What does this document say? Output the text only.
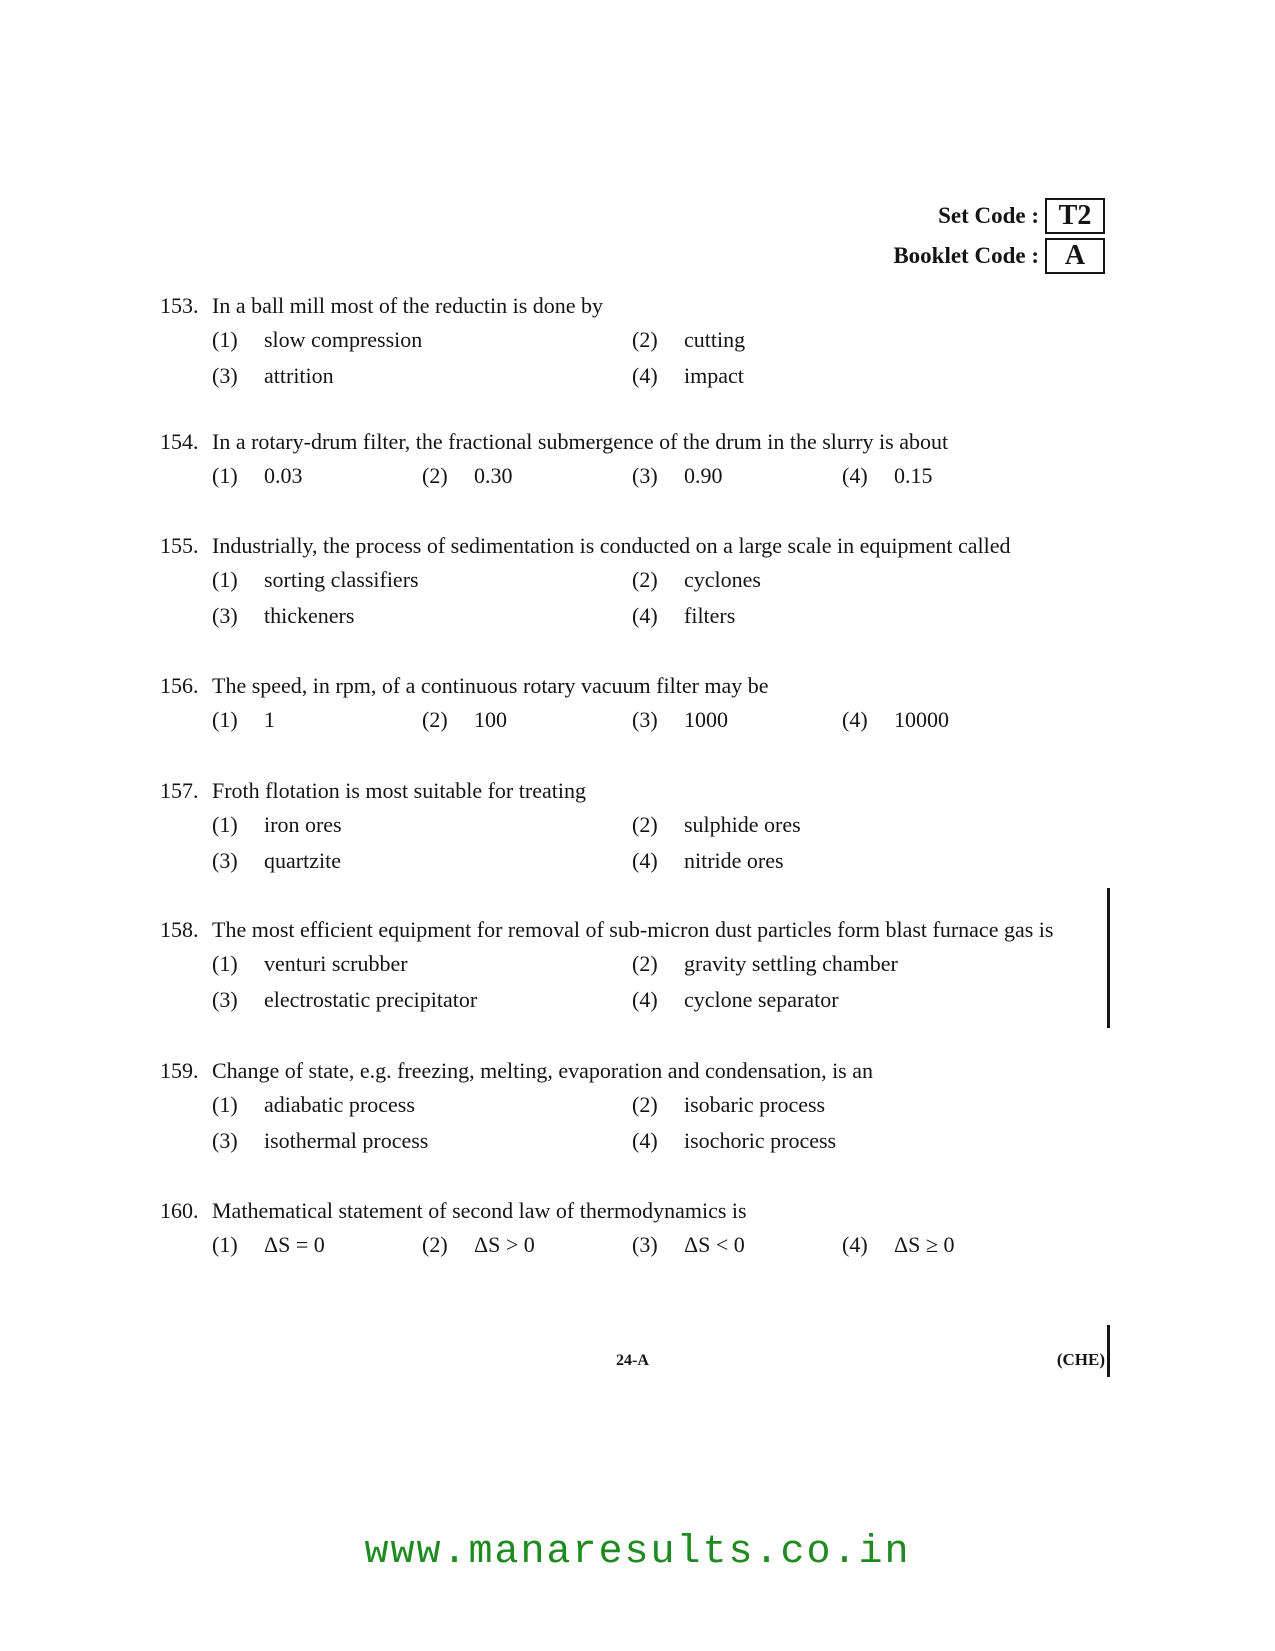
Set Code : T2
Booklet Code : A
153. In a ball mill most of the reductin is done by
(1)	slow compression	(2)	cutting
(3)	attrition	(4)	impact
154. In a rotary-drum filter, the fractional submergence of the drum in the slurry is about
(1)	0.03	(2)	0.30	(3)	0.90	(4)	0.15
155. Industrially, the process of sedimentation is conducted on a large scale in equipment called
(1)	sorting classifiers	(2)	cyclones
(3)	thickeners	(4)	filters
156. The speed, in rpm, of a continuous rotary vacuum filter may be
(1)	1	(2)	100	(3)	1000	(4)	10000
157. Froth flotation is most suitable for treating
(1)	iron ores	(2)	sulphide ores
(3)	quartzite	(4)	nitride ores
158. The most efficient equipment for removal of sub-micron dust particles form blast furnace gas is
(1)	venturi scrubber	(2)	gravity settling chamber
(3)	electrostatic precipitator	(4)	cyclone separator
159. Change of state, e.g. freezing, melting, evaporation and condensation, is an
(1)	adiabatic process	(2)	isobaric process
(3)	isothermal process	(4)	isochoric process
160. Mathematical statement of second law of thermodynamics is
(1)	ΔS = 0	(2)	ΔS > 0	(3)	ΔS < 0	(4)	ΔS ≥ 0
24-A	(CHE)
www.manaresults.co.in
